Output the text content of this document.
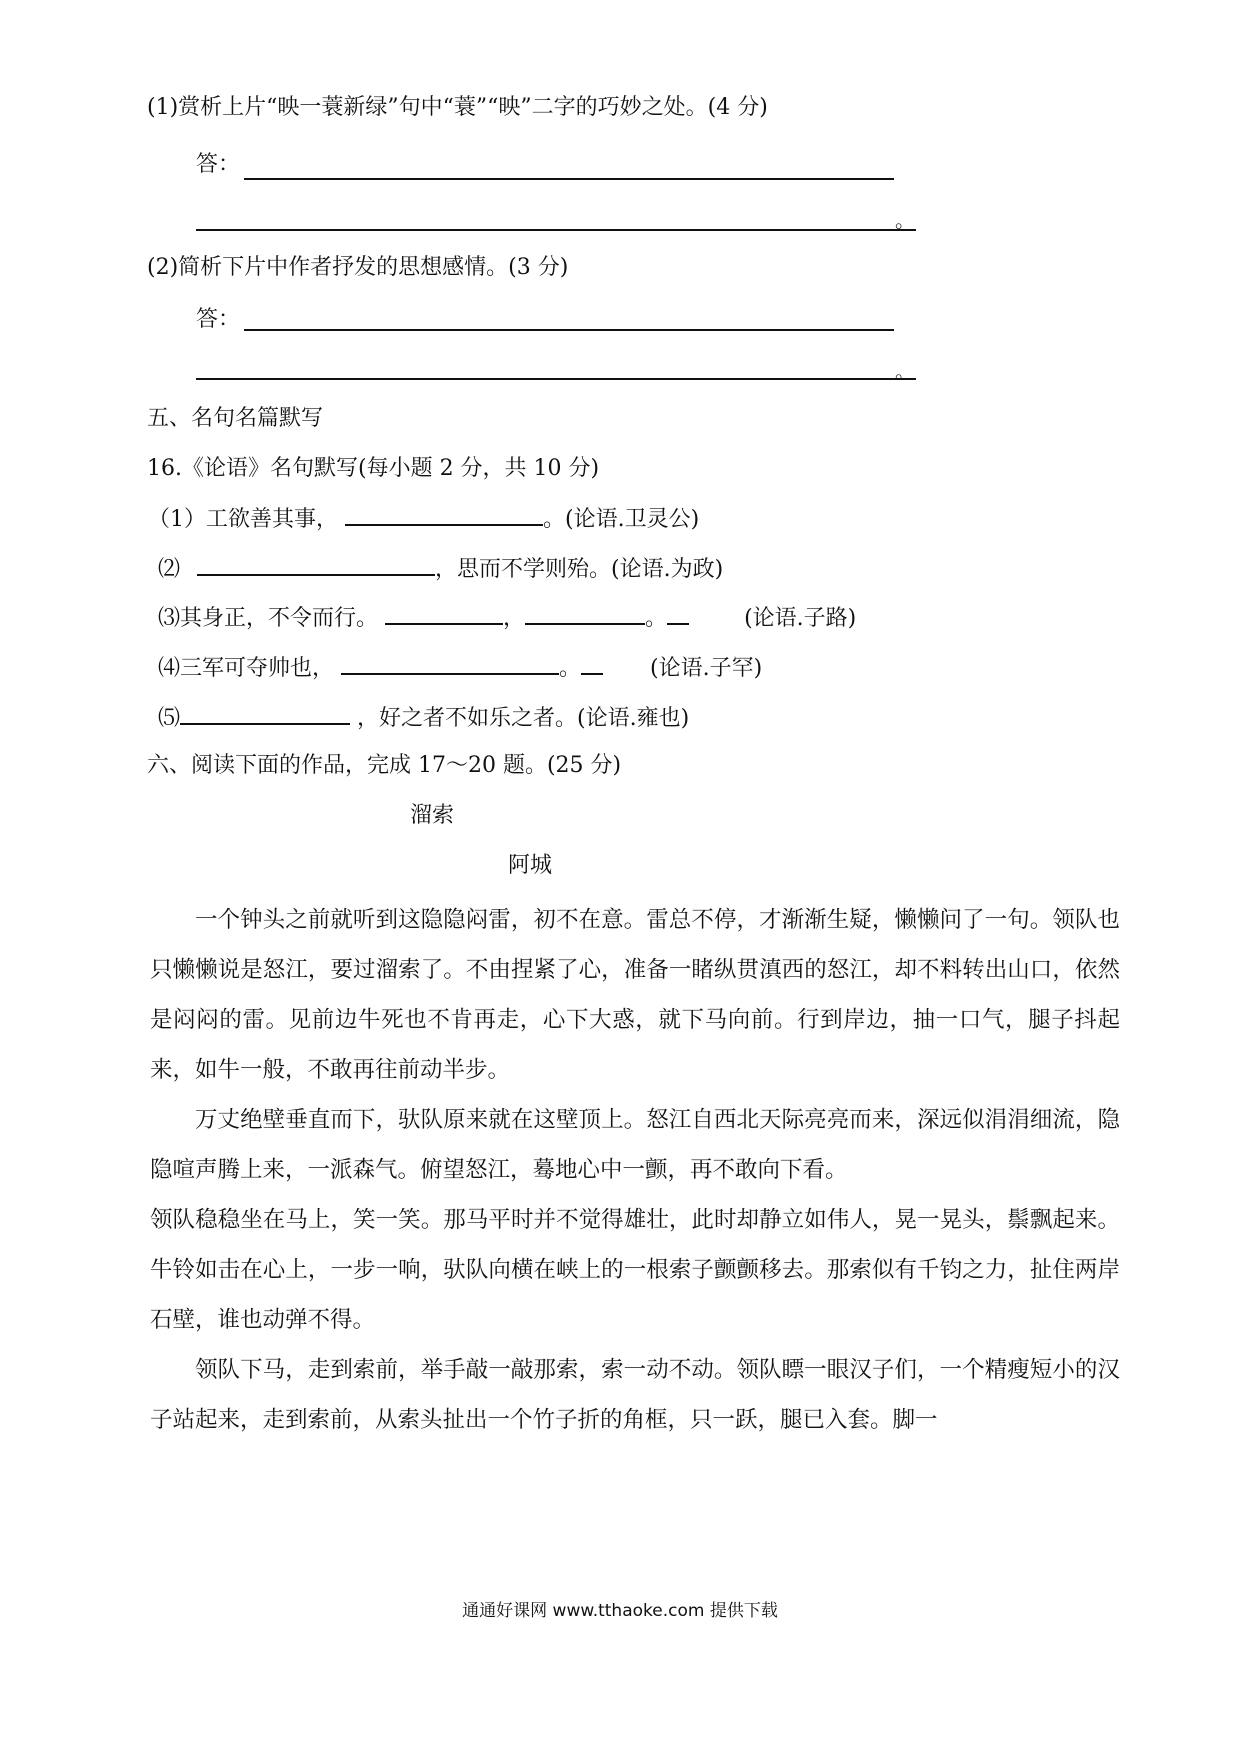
(1)赏析上片“映一蓑新绿”句中“蓑”“映”二字的巧妙之处。(4 分)
答：
。
(2)简析下片中作者抒发的思想感情。(3 分)
答：
。
五、名句名篇默写
16.《论语》名句默写(每小题 2 分，共 10 分)
（1）工欲善其事，	。(论语.卫灵公)
⑵	，思而不学则殆。(论语.为政)
⑶其身正，不令而行。	，	。	(论语.子路)
⑷三军可夺帅也，	。	(论语.子罕)
⑸	，好之者不如乐之者。(论语.雍也)
六、阅读下面的作品，完成 17～20 题。(25 分)
溜索
阿城

一个钟头之前就听到这隐隐闷雷，初不在意。雷总不停，才渐渐生疑，懒懒问了一句。领队也只懒懒说是怒江，要过溜索了。不由捏紧了心，准备一睹纵贯滇西的怒江，却不料转出山口，依然是闷闷的雷。见前边牛死也不肯再走，心下大惑，就下马向前。行到岸边，抽一口气，腿子抖起来，如牛一般，不敢再往前动半步。

万丈绝壁垂直而下，驮队原来就在这壁顶上。怒江自西北天际亮亮而来，深远似涓涓细流，隐隐喧声腾上来，一派森气。俯望怒江，蓦地心中一颤，再不敢向下看。

领队稳稳坐在马上，笑一笑。那马平时并不觉得雄壮，此时却静立如伟人，晃一晃头，鬃飘起来。牛铃如击在心上，一步一响，驮队向横在峡上的一根索子颤颤移去。那索似有千钧之力，扯住两岸石壁，谁也动弹不得。

领队下马，走到索前，举手敲一敲那索，索一动不动。领队瞟一眼汉子们，一个精瘦短小的汉子站起来，走到索前，从索头扯出一个竹子折的角框，只一跃，腿已入套。脚一

通通好课网 www.tthaoke.com 提供下载
